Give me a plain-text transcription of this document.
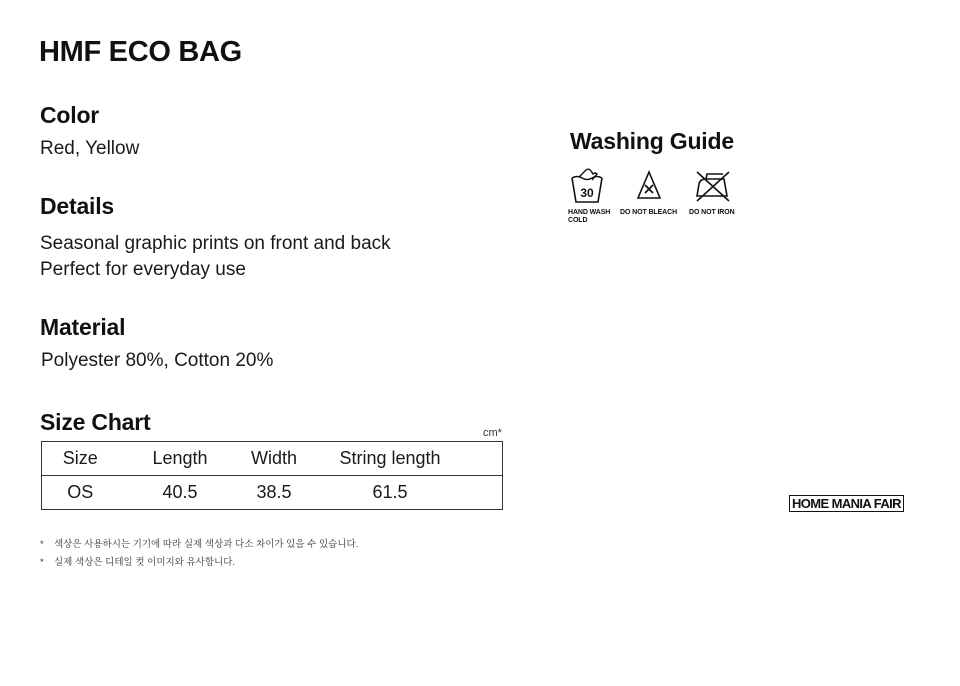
HMF ECO BAG
Color
Red, Yellow
Details
Seasonal graphic prints on front and back
Perfect for everyday use
Material
Polyester 80%, Cotton 20%
Size Chart	cm*
Size	Length	Width	String length	
OS	40.5	38.5	61.5	
* 색상은 사용하시는 기기에 따라 실제 색상과 다소 차이가 있을 수 있습니다.
* 실제 색상은 디테일 컷 이미지와 유사합니다.
Washing Guide
30
HAND WASH
COLD
DO NOT BLEACH DO NOT IRON
HOME MANIA FAIR
